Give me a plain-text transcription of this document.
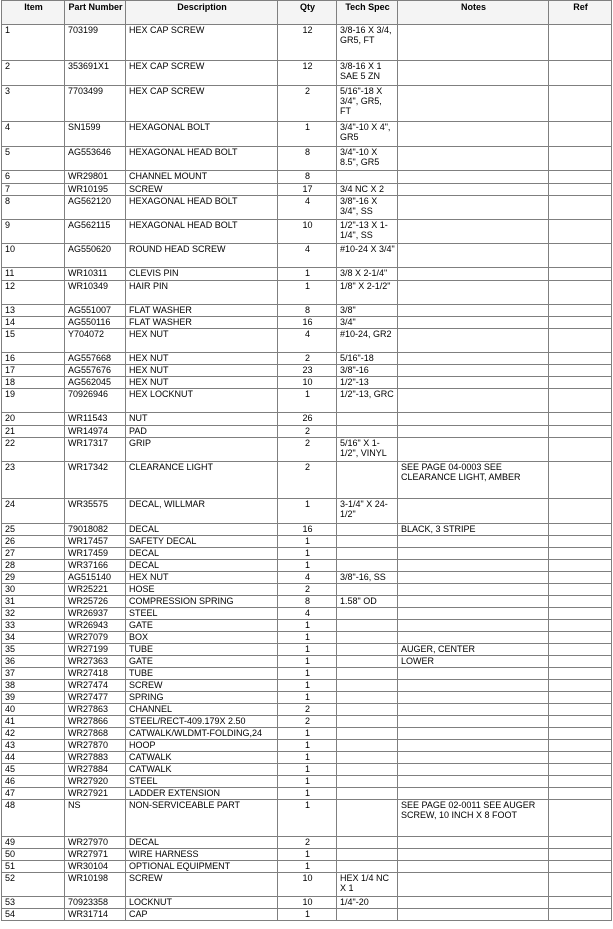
Item	Part Number	Description	Qty	Tech Spec	Notes	Ref
1	703199	HEX CAP SCREW	12	3/8-16 X 3/4, GR5, FT		
2	353691X1	HEX CAP SCREW	12	3/8-16 X 1 SAE 5 ZN		
3	7703499	HEX CAP SCREW	2	5/16"-18 X 3/4", GR5, FT		
4	SN1599	HEXAGONAL BOLT	1	3/4"-10 X 4", GR5		
5	AG553646	HEXAGONAL HEAD BOLT	8	3/4"-10 X 8.5", GR5		
6	WR29801	CHANNEL MOUNT	8			
7	WR10195	SCREW	17	3/4 NC X 2		
8	AG562120	HEXAGONAL HEAD BOLT	4	3/8"-16 X 3/4", SS		
9	AG562115	HEXAGONAL HEAD BOLT	10	1/2"-13 X 1-1/4", SS		
10	AG550620	ROUND HEAD SCREW	4	#10-24 X 3/4"		
11	WR10311	CLEVIS PIN	1	3/8 X 2-1/4"		
12	WR10349	HAIR PIN	1	1/8" X 2-1/2"		
13	AG551007	FLAT WASHER	8	3/8"		
14	AG550116	FLAT WASHER	16	3/4"		
15	Y704072	HEX NUT	4	#10-24, GR2		
16	AG557668	HEX NUT	2	5/16"-18		
17	AG557676	HEX NUT	23	3/8"-16		
18	AG562045	HEX NUT	10	1/2"-13		
19	70926946	HEX LOCKNUT	1	1/2"-13, GRC		
20	WR11543	NUT	26			
21	WR14974	PAD	2			
22	WR17317	GRIP	2	5/16" X 1-1/2", VINYL		
23	WR17342	CLEARANCE LIGHT	2		SEE PAGE 04-0003 SEE CLEARANCE LIGHT, AMBER	
24	WR35575	DECAL, WILLMAR	1	3-1/4" X 24-1/2"		
25	79018082	DECAL	16		BLACK, 3 STRIPE	
26	WR17457	SAFETY DECAL	1			
27	WR17459	DECAL	1			
28	WR37166	DECAL	1			
29	AG515140	HEX NUT	4	3/8"-16, SS		
30	WR25221	HOSE	2			
31	WR25726	COMPRESSION SPRING	8	1.58" OD		
32	WR26937	STEEL	4			
33	WR26943	GATE	1			
34	WR27079	BOX	1			
35	WR27199	TUBE	1		AUGER, CENTER	
36	WR27363	GATE	1		LOWER	
37	WR27418	TUBE	1			
38	WR27474	SCREW	1			
39	WR27477	SPRING	1			
40	WR27863	CHANNEL	2			
41	WR27866	STEEL/RECT-409.179X 2.50	2			
42	WR27868	CATWALK/WLDMT-FOLDING,24	1			
43	WR27870	HOOP	1			
44	WR27883	CATWALK	1			
45	WR27884	CATWALK	1			
46	WR27920	STEEL	1			
47	WR27921	LADDER EXTENSION	1			
48	NS	NON-SERVICEABLE PART	1		SEE PAGE 02-0011 SEE AUGER SCREW, 10 INCH X 8 FOOT	
49	WR27970	DECAL	2			
50	WR27971	WIRE HARNESS	1			
51	WR30104	OPTIONAL EQUIPMENT	1			
52	WR10198	SCREW	10	HEX 1/4 NC X 1		
53	70923358	LOCKNUT	10	1/4"-20		
54	WR31714	CAP	1			
